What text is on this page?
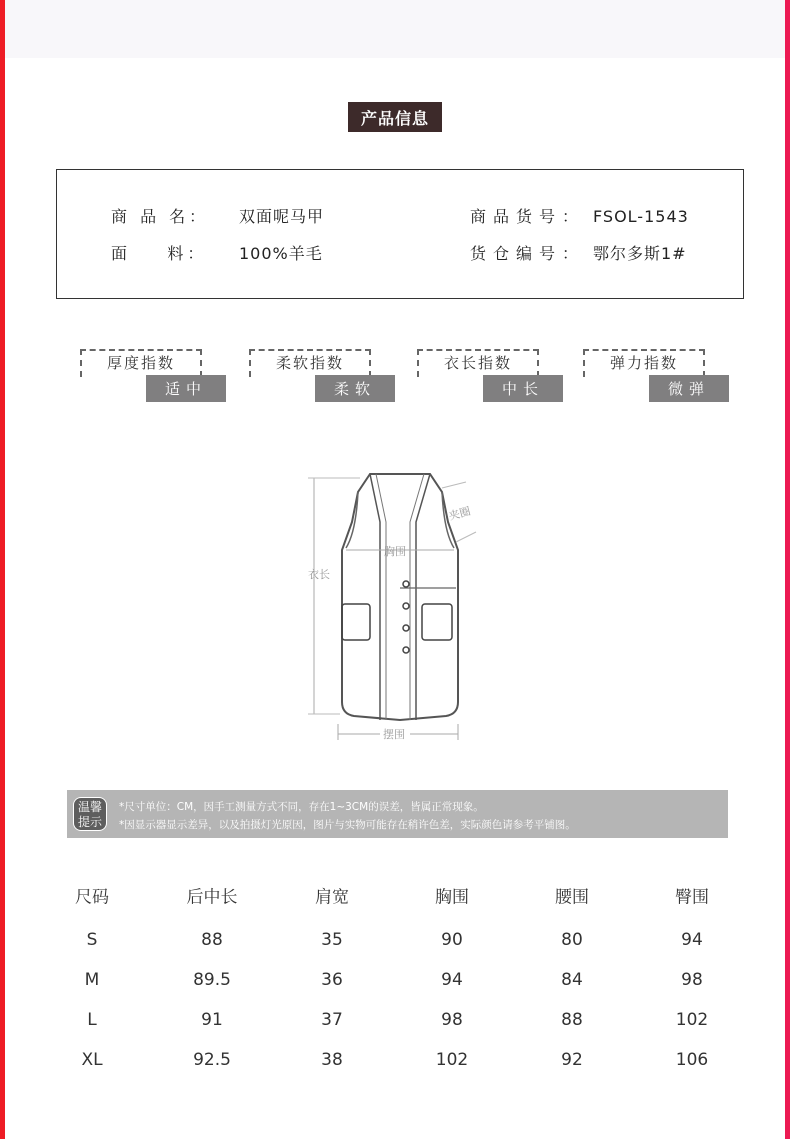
产品信息
商 品 名： 双面呢马甲
面    料： 100%羊毛
商品货号： FSOL-1543
货仓编号： 鄂尔多斯1#
厚度指数
适中
柔软指数
柔软
衣长指数
中长
弹力指数
微弹
衣长
胸围
夹圈
摆围
温馨
提示
*尺寸单位：CM，因手工测量方式不同，存在1~3CM的误差，皆属正常现象。
*因显示器显示差异，以及拍摄灯光原因，图片与实物可能存在稍许色差，实际颜色请参考平铺图。
尺码	后中长	肩宽	胸围	腰围	臀围
S	88	35	90	80	94
M	89.5	36	94	84	98
L	91	37	98	88	102
XL	92.5	38	102	92	106
